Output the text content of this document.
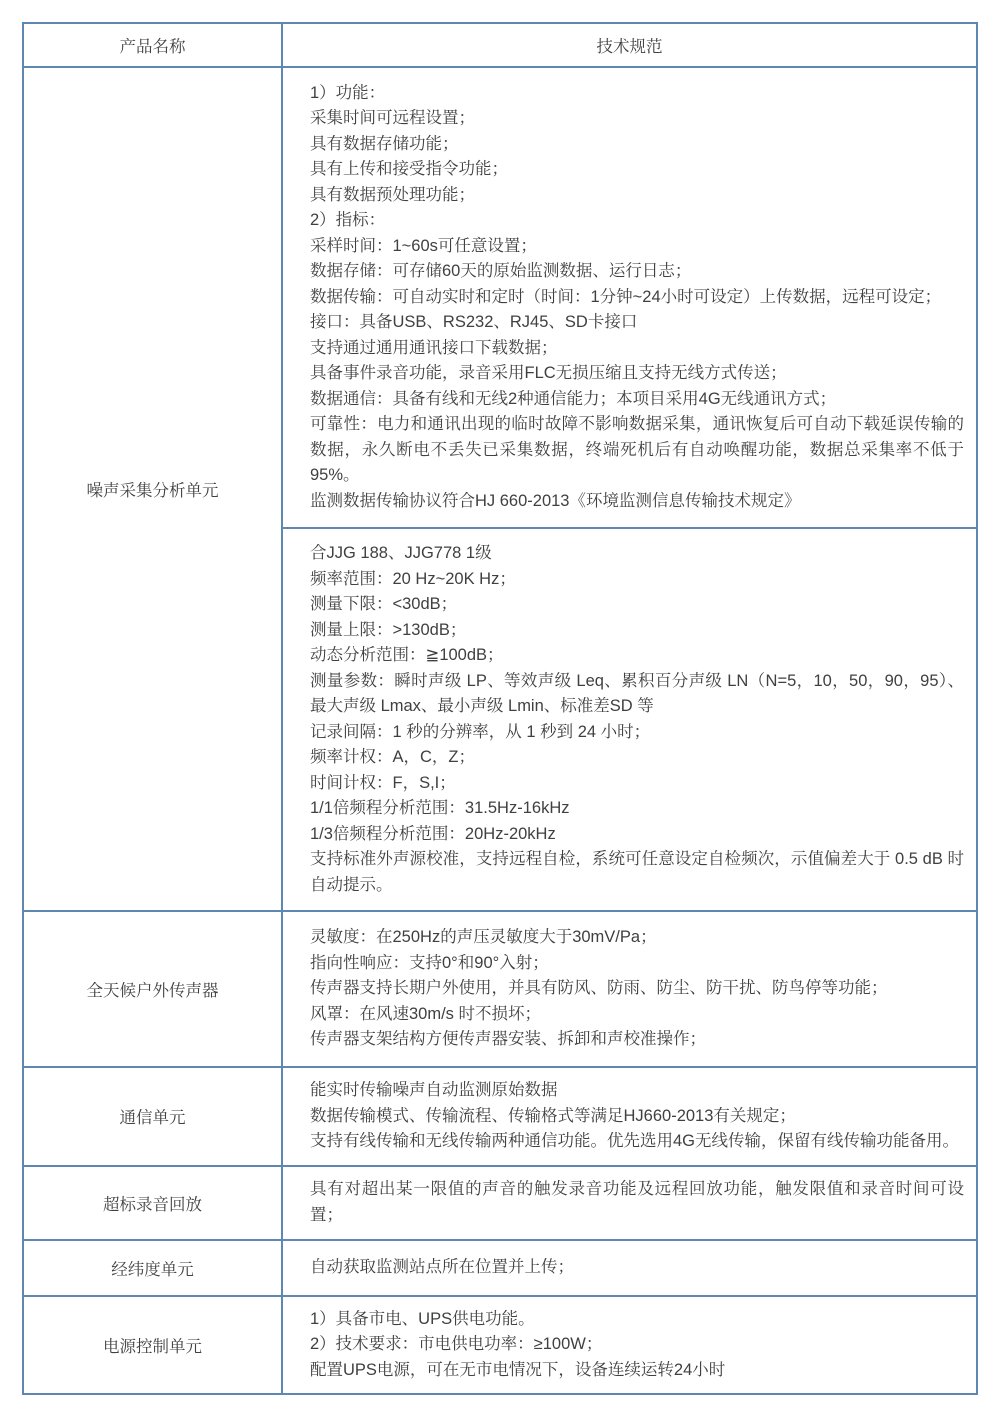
产品名称	技术规范
噪声采集分析单元

1）功能：

采集时间可远程设置；

具有数据存储功能；

具有上传和接受指令功能；

具有数据预处理功能；

2）指标：

采样时间：1~60s可任意设置；

数据存储：可存储60天的原始监测数据、运行日志；

数据传输：可自动实时和定时（时间：1分钟~24小时可设定）上传数据，远程可设定；

接口：具备USB、RS232、RJ45、SD卡接口

支持通过通用通讯接口下载数据；

具备事件录音功能，录音采用FLC无损压缩且支持无线方式传送；

数据通信：具备有线和无线2种通信能力；本项目采用4G无线通讯方式；

可靠性：电力和通讯出现的临时故障不影响数据采集，通讯恢复后可自动下载延误传输的数据，永久断电不丢失已采集数据，终端死机后有自动唤醒功能，数据总采集率不低于95%。

监测数据传输协议符合HJ 660-2013《环境监测信息传输技术规定》

合JJG 188、JJG778 1级

频率范围：20 Hz~20K Hz；

测量下限：<30dB；

测量上限：>130dB；

动态分析范围：≧100dB；

测量参数：瞬时声级 LP、等效声级 Leq、累积百分声级 LN（N=5，10，50，90，95）、最大声级 Lmax、最小声级 Lmin、标准差SD 等

记录间隔：1 秒的分辨率，从 1 秒到 24 小时；

频率计权：A，C，Z；

时间计权：F，S,I；

1/1倍频程分析范围：31.5Hz-16kHz

1/3倍频程分析范围：20Hz-20kHz

支持标准外声源校准，支持远程自检，系统可任意设定自检频次，示值偏差大于 0.5 dB 时自动提示。

全天候户外传声器

灵敏度：在250Hz的声压灵敏度大于30mV/Pa；

指向性响应：支持0°和90°入射；

传声器支持长期户外使用，并具有防风、防雨、防尘、防干扰、防鸟停等功能；

风罩：在风速30m/s 时不损坏；

传声器支架结构方便传声器安装、拆卸和声校准操作；

通信单元

能实时传输噪声自动监测原始数据

数据传输模式、传输流程、传输格式等满足HJ660-2013有关规定；

支持有线传输和无线传输两种通信功能。优先选用4G无线传输，保留有线传输功能备用。

超标录音回放

具有对超出某一限值的声音的触发录音功能及远程回放功能，触发限值和录音时间可设置；

经纬度单元	自动获取监测站点所在位置并上传；

电源控制单元

1）具备市电、UPS供电功能。

2）技术要求：市电供电功率：≥100W；

配置UPS电源，可在无市电情况下，设备连续运转24小时
